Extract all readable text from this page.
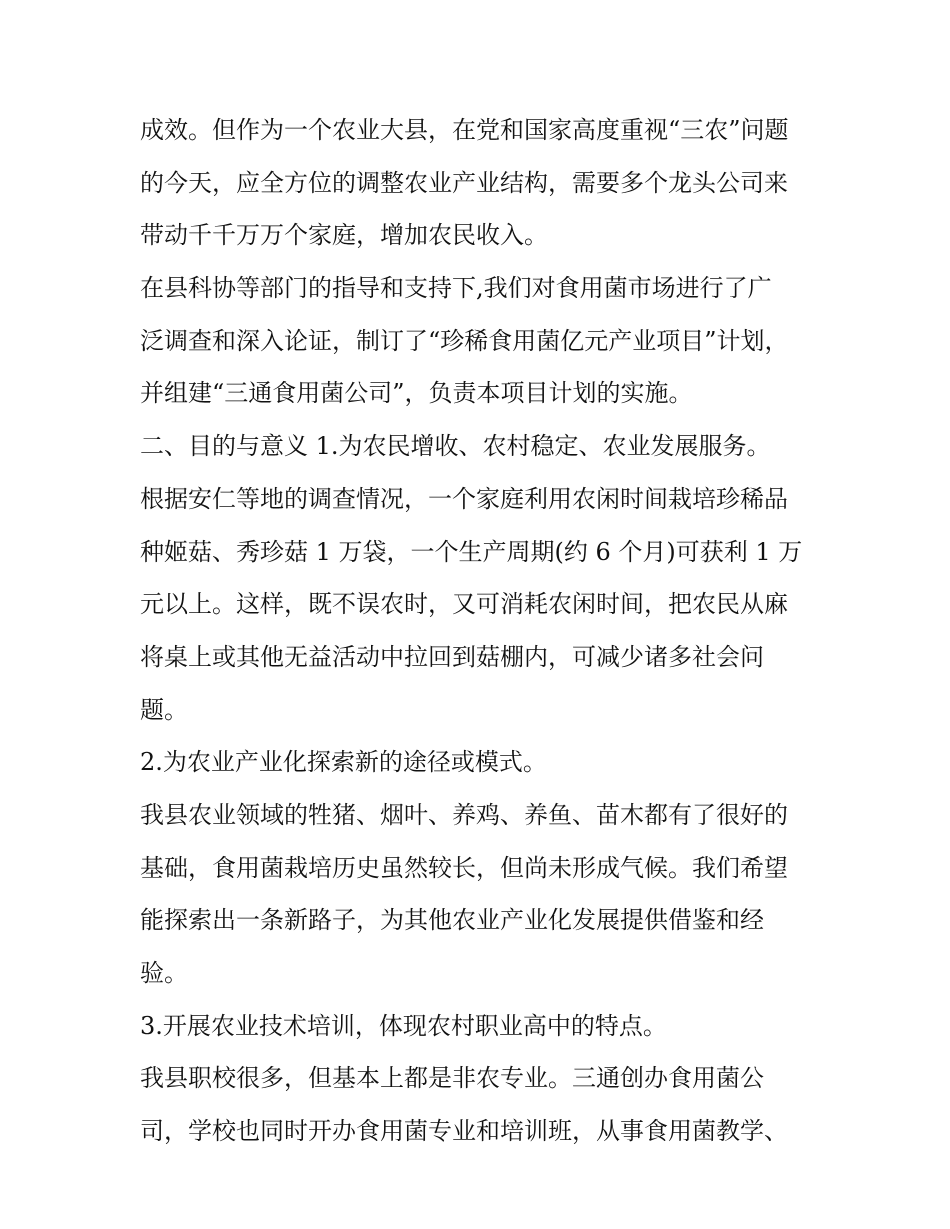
成效。但作为一个农业大县，在党和国家高度重视“三农”问题
的今天，应全方位的调整农业产业结构，需要多个龙头公司来
带动千千万万个家庭，增加农民收入。
在县科协等部门的指导和支持下,我们对食用菌市场进行了广
泛调查和深入论证，制订了“珍稀食用菌亿元产业项目”计划，
并组建“三通食用菌公司”，负责本项目计划的实施。
二、目的与意义 1.为农民增收、农村稳定、农业发展服务。
根据安仁等地的调查情况，一个家庭利用农闲时间栽培珍稀品
种姬菇、秀珍菇 1 万袋，一个生产周期(约 6 个月)可获利 1 万
元以上。这样，既不误农时，又可消耗农闲时间，把农民从麻
将桌上或其他无益活动中拉回到菇棚内，可减少诸多社会问
题。
2.为农业产业化探索新的途径或模式。
我县农业领域的牲猪、烟叶、养鸡、养鱼、苗木都有了很好的
基础，食用菌栽培历史虽然较长，但尚未形成气候。我们希望
能探索出一条新路子，为其他农业产业化发展提供借鉴和经
验。
3.开展农业技术培训，体现农村职业高中的特点。
我县职校很多，但基本上都是非农专业。三通创办食用菌公
司，学校也同时开办食用菌专业和培训班，从事食用菌教学、
